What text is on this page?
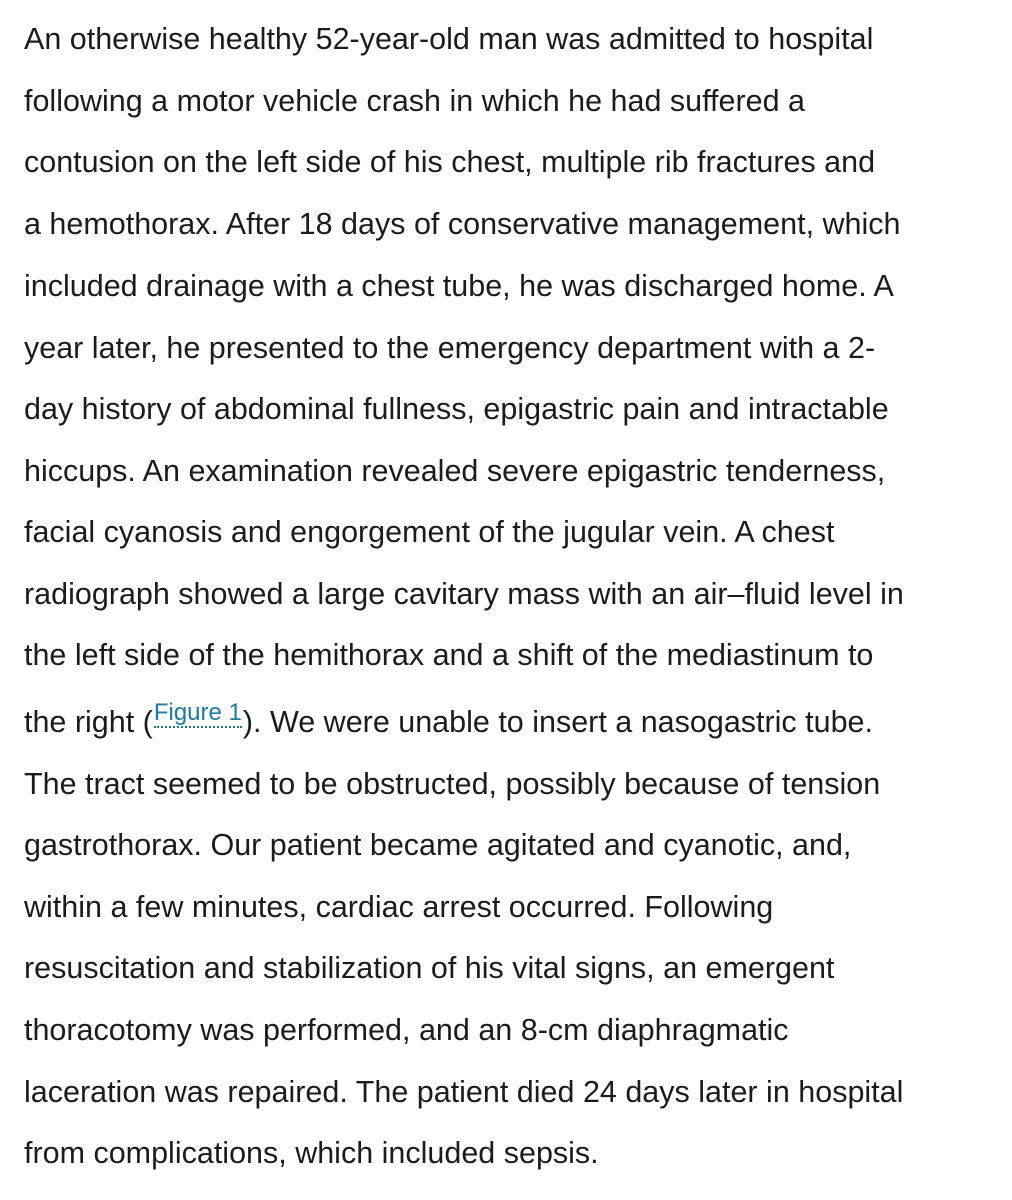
An otherwise healthy 52-year-old man was admitted to hospital
following a motor vehicle crash in which he had suffered a
contusion on the left side of his chest, multiple rib fractures and
a hemothorax. After 18 days of conservative management, which
included drainage with a chest tube, he was discharged home. A
year later, he presented to the emergency department with a 2-
day history of abdominal fullness, epigastric pain and intractable
hiccups. An examination revealed severe epigastric tenderness,
facial cyanosis and engorgement of the jugular vein. A chest
radiograph showed a large cavitary mass with an air–fluid level in
the left side of the hemithorax and a shift of the mediastinum to
the right (Figure 1). We were unable to insert a nasogastric tube.
The tract seemed to be obstructed, possibly because of tension
gastrothorax. Our patient became agitated and cyanotic, and,
within a few minutes, cardiac arrest occurred. Following
resuscitation and stabilization of his vital signs, an emergent
thoracotomy was performed, and an 8-cm diaphragmatic
laceration was repaired. The patient died 24 days later in hospital
from complications, which included sepsis.
